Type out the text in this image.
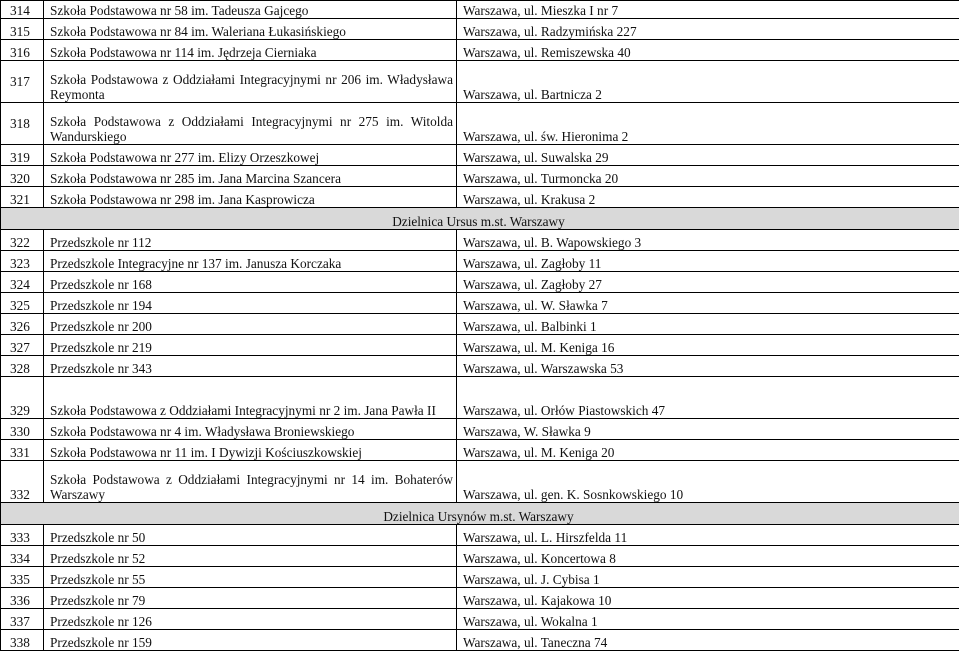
314	Szkoła Podstawowa nr 58 im. Tadeusza Gajcego	Warszawa, ul. Mieszka I nr 7
315	Szkoła Podstawowa nr 84 im. Waleriana Łukasińskiego	Warszawa, ul. Radzymińska 227
316	Szkoła Podstawowa nr 114 im. Jędrzeja Cierniaka	Warszawa, ul. Remiszewska 40
317	Szkoła Podstawowa z Oddziałami Integracyjnymi nr 206 im. Władysława Reymonta	Warszawa, ul. Bartnicza 2
318	Szkoła Podstawowa z Oddziałami Integracyjnymi nr 275 im. Witolda Wandurskiego	Warszawa, ul. św. Hieronima 2
319	Szkoła Podstawowa nr 277 im. Elizy Orzeszkowej	Warszawa, ul. Suwalska 29
320	Szkoła Podstawowa nr 285 im. Jana Marcina Szancera	Warszawa, ul. Turmoncka 20
321	Szkoła Podstawowa nr 298 im. Jana Kasprowicza	Warszawa, ul. Krakusa 2
Dzielnica Ursus m.st. Warszawy		
322	Przedszkole nr 112	Warszawa, ul. B. Wapowskiego 3
323	Przedszkole Integracyjne nr 137 im. Janusza Korczaka	Warszawa, ul. Zagłoby 11
324	Przedszkole nr 168	Warszawa, ul. Zagłoby 27
325	Przedszkole nr 194	Warszawa, ul. W. Sławka 7
326	Przedszkole nr 200	Warszawa, ul. Balbinki 1
327	Przedszkole nr 219	Warszawa, ul. M. Keniga 16
328	Przedszkole nr 343	Warszawa, ul. Warszawska 53
329	Szkoła Podstawowa z Oddziałami Integracyjnymi nr 2 im. Jana Pawła II	Warszawa, ul. Orłów Piastowskich 47
330	Szkoła Podstawowa nr 4 im. Władysława Broniewskiego	Warszawa, W. Sławka 9
331	Szkoła Podstawowa nr 11 im. I Dywizji Kościuszkowskiej	Warszawa, ul. M. Keniga 20
332	Szkoła Podstawowa z Oddziałami Integracyjnymi nr 14 im. Bohaterów Warszawy	Warszawa, ul. gen. K. Sosnkowskiego 10
Dzielnica Ursynów m.st. Warszawy		
333	Przedszkole nr 50	Warszawa, ul. L. Hirszfelda 11
334	Przedszkole nr 52	Warszawa, ul. Koncertowa 8
335	Przedszkole nr 55	Warszawa, ul. J. Cybisa 1
336	Przedszkole nr 79	Warszawa, ul. Kajakowa 10
337	Przedszkole nr 126	Warszawa, ul. Wokalna 1
338	Przedszkole nr 159	Warszawa, ul. Taneczna 74
